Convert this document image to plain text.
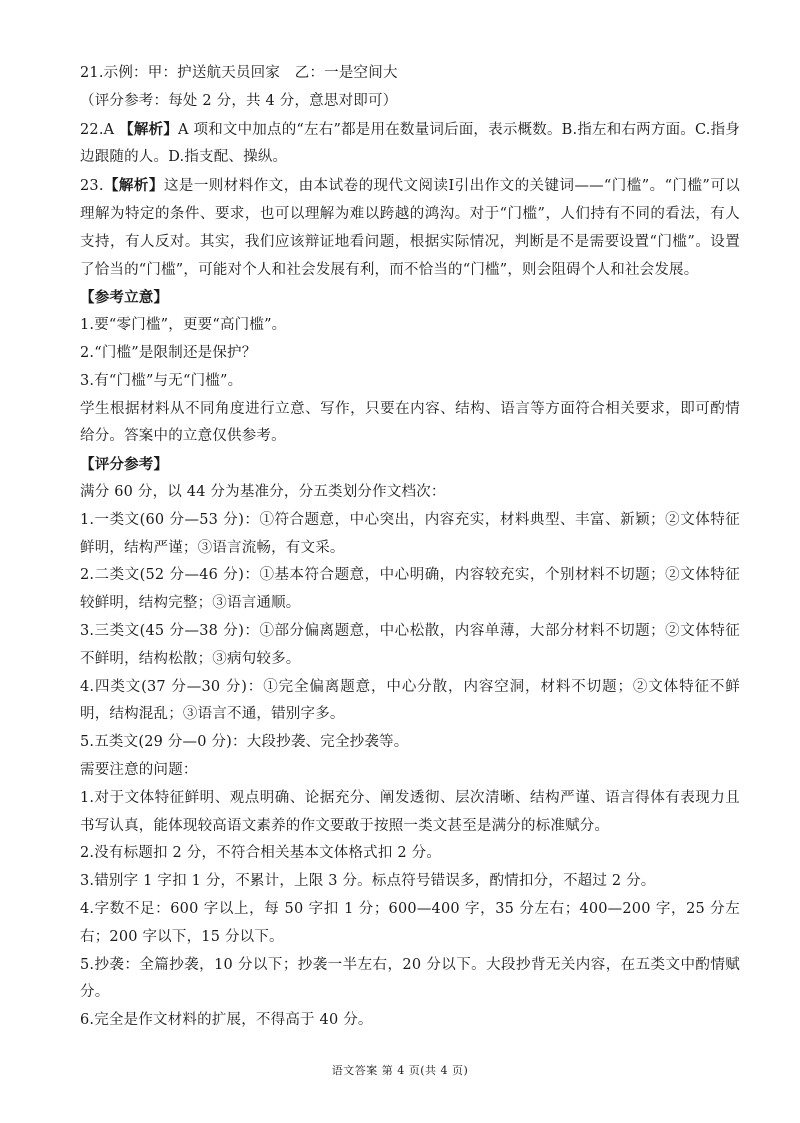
21.示例：甲：护送航天员回家　乙：一是空间大

（评分参考：每处 2 分，共 4 分，意思对即可）

22.A 【解析】A 项和文中加点的“左右”都是用在数量词后面，表示概数。B.指左和右两方面。C.指身边跟随的人。D.指支配、操纵。

23.【解析】这是一则材料作文，由本试卷的现代文阅读Ⅰ引出作文的关键词——“门槛”。“门槛”可以理解为特定的条件、要求，也可以理解为难以跨越的鸿沟。对于“门槛”，人们持有不同的看法，有人支持，有人反对。其实，我们应该辩证地看问题，根据实际情况，判断是不是需要设置“门槛”。设置了恰当的“门槛”，可能对个人和社会发展有利，而不恰当的“门槛”，则会阻碍个人和社会发展。

【参考立意】

1.要“零门槛”，更要“高门槛”。

2.“门槛”是限制还是保护？

3.有“门槛”与无“门槛”。

学生根据材料从不同角度进行立意、写作，只要在内容、结构、语言等方面符合相关要求，即可酌情给分。答案中的立意仅供参考。

【评分参考】

满分 60 分，以 44 分为基准分，分五类划分作文档次：

1.一类文(60 分—53 分)：①符合题意，中心突出，内容充实，材料典型、丰富、新颖；②文体特征鲜明，结构严谨；③语言流畅，有文采。

2.二类文(52 分—46 分)：①基本符合题意，中心明确，内容较充实，个别材料不切题；②文体特征较鲜明，结构完整；③语言通顺。

3.三类文(45 分—38 分)：①部分偏离题意，中心松散，内容单薄，大部分材料不切题；②文体特征不鲜明，结构松散；③病句较多。

4.四类文(37 分—30 分)：①完全偏离题意，中心分散，内容空洞，材料不切题；②文体特征不鲜明，结构混乱；③语言不通，错别字多。

5.五类文(29 分—0 分)：大段抄袭、完全抄袭等。

需要注意的问题：

1.对于文体特征鲜明、观点明确、论据充分、阐发透彻、层次清晰、结构严谨、语言得体有表现力且书写认真，能体现较高语文素养的作文要敢于按照一类文甚至是满分的标准赋分。

2.没有标题扣 2 分，不符合相关基本文体格式扣 2 分。

3.错别字 1 字扣 1 分，不累计，上限 3 分。标点符号错误多，酌情扣分，不超过 2 分。

4.字数不足：600 字以上，每 50 字扣 1 分；600—400 字，35 分左右；400—200 字，25 分左右；200 字以下，15 分以下。

5.抄袭：全篇抄袭，10 分以下；抄袭一半左右，20 分以下。大段抄背无关内容，在五类文中酌情赋分。

6.完全是作文材料的扩展，不得高于 40 分。

语文答案 第 4 页(共 4 页)
